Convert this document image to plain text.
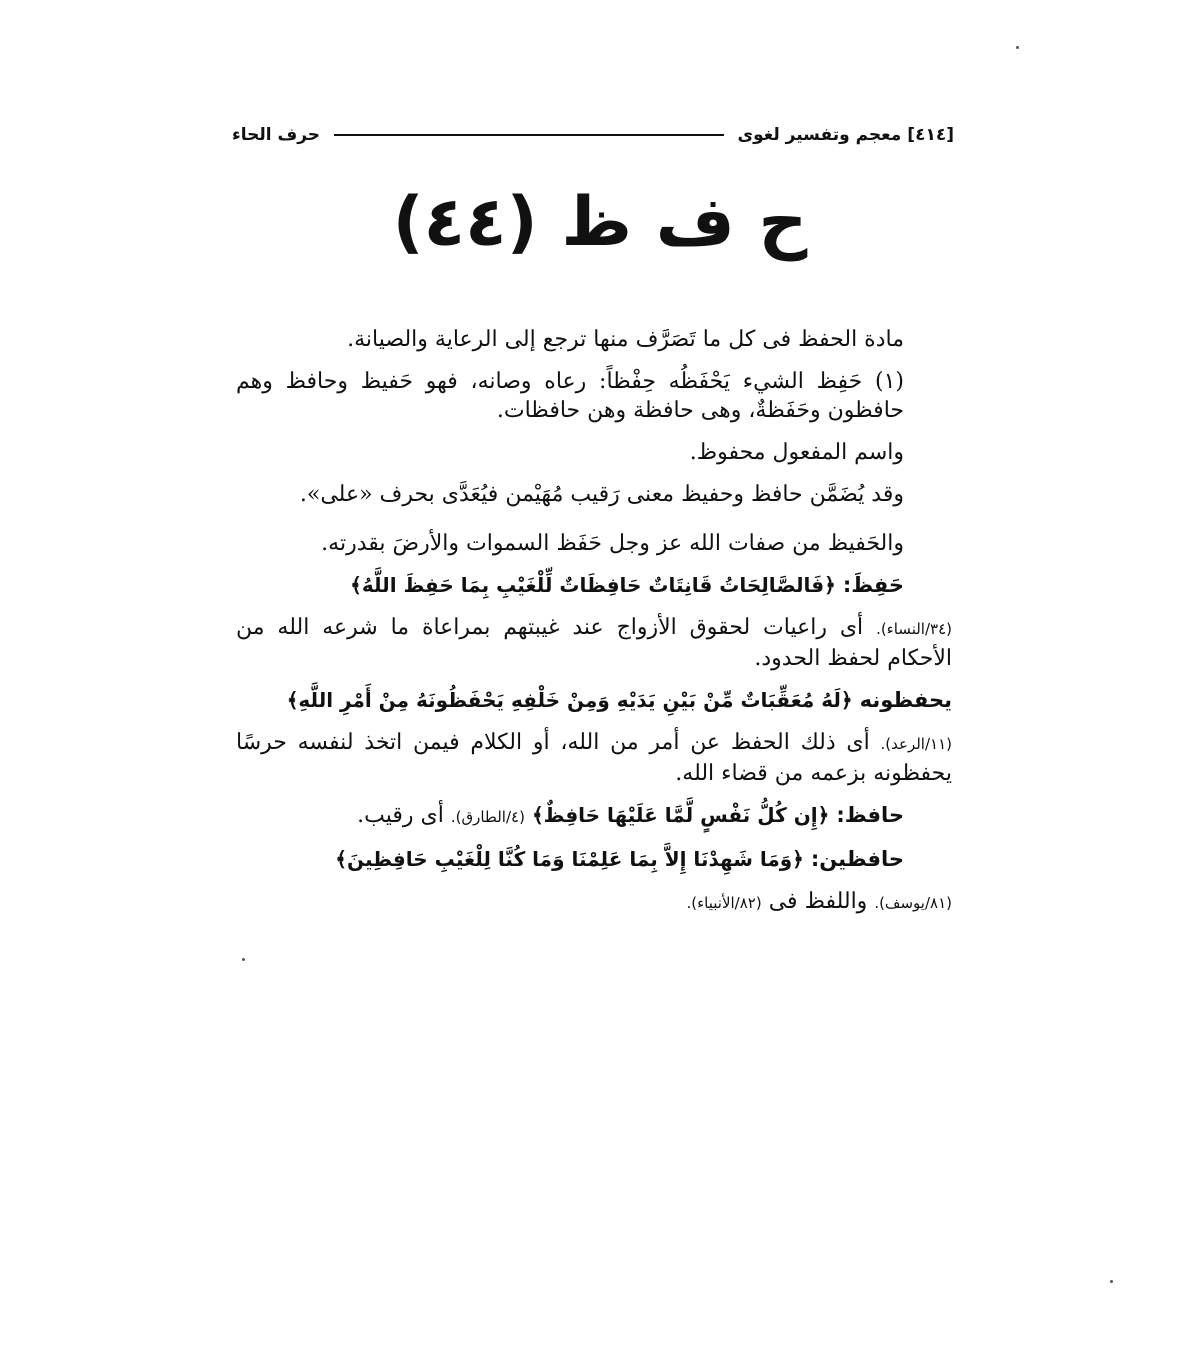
[٤١٤]
معجم وتفسير لغوى
حرف الحاء
ح ف ظ (٤٤)

مادة الحفظ فى كل ما تَصَرَّف منها ترجع إلى الرعاية والصيانة.

(١) حَفِظ الشيء يَحْفَظُه حِفْظاً: رعاه وصانه، فهو حَفيظ وحافظ وهم حافظون وحَفَظةٌ، وهى حافظة وهن حافظات.

واسم المفعول محفوظ.

وقد يُضَمَّن حافظ وحفيظ معنى رَقيب مُهَيْمن فيُعَدَّى بحرف «على».

والحَفيظ من صفات الله عز وجل حَفَظ السموات والأرضَ بقدرته.

حَفِظَ: ﴿فَالصَّالِحَاتُ قَانِتَاتٌ حَافِظَاتٌ لِّلْغَيْبِ بِمَا حَفِظَ اللَّهُ﴾

(٣٤/النساء). أى راعيات لحقوق الأزواج عند غيبتهم بمراعاة ما شرعه الله من الأحكام لحفظ الحدود.

يحفظونه ﴿لَهُ مُعَقِّبَاتٌ مِّنْ بَيْنِ يَدَيْهِ وَمِنْ خَلْفِهِ يَحْفَظُونَهُ مِنْ أَمْرِ اللَّهِ﴾

(١١/الرعد). أى ذلك الحفظ عن أمر من الله، أو الكلام فيمن اتخذ لنفسه حرسًا يحفظونه بزعمه من قضاء الله.

حافظ: ﴿إِن كُلُّ نَفْسٍ لَّمَّا عَلَيْهَا حَافِظٌ﴾ (٤/الطارق). أى رقيب.

حافظين: ﴿وَمَا شَهِدْنَا إِلاَّ بِمَا عَلِمْنَا وَمَا كُنَّا لِلْغَيْبِ حَافِظِينَ﴾

(٨١/يوسف). واللفظ فى (٨٢/الأنبياء).
